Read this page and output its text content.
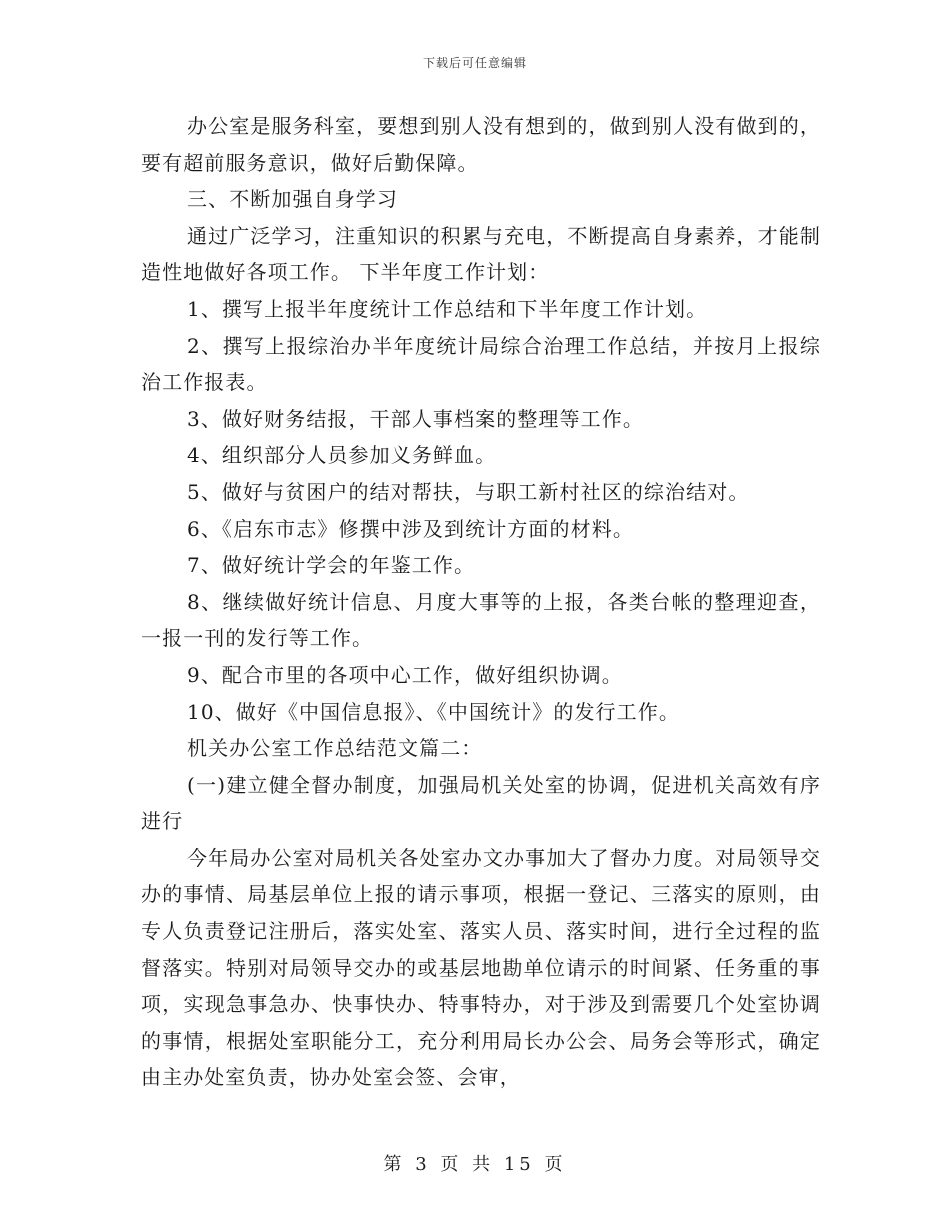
下载后可任意编辑

办公室是服务科室，要想到别人没有想到的，做到别人没有做到的，要有超前服务意识，做好后勤保障。

三、不断加强自身学习

通过广泛学习，注重知识的积累与充电，不断提高自身素养，才能制造性地做好各项工作。 下半年度工作计划：

1、撰写上报半年度统计工作总结和下半年度工作计划。

2、撰写上报综治办半年度统计局综合治理工作总结，并按月上报综治工作报表。

3、做好财务结报，干部人事档案的整理等工作。

4、组织部分人员参加义务鲜血。

5、做好与贫困户的结对帮扶，与职工新村社区的综治结对。

6、《启东市志》修撰中涉及到统计方面的材料。

7、做好统计学会的年鉴工作。

8、继续做好统计信息、月度大事等的上报，各类台帐的整理迎查，一报一刊的发行等工作。

9、配合市里的各项中心工作，做好组织协调。

10、做好《中国信息报》、《中国统计》的发行工作。

机关办公室工作总结范文篇二：

(一)建立健全督办制度，加强局机关处室的协调，促进机关高效有序进行

今年局办公室对局机关各处室办文办事加大了督办力度。对局领导交办的事情、局基层单位上报的请示事项，根据一登记、三落实的原则，由专人负责登记注册后，落实处室、落实人员、落实时间，进行全过程的监督落实。特别对局领导交办的或基层地勘单位请示的时间紧、任务重的事项，实现急事急办、快事快办、特事特办，对于涉及到需要几个处室协调的事情，根据处室职能分工，充分利用局长办公会、局务会等形式，确定由主办处室负责，协办处室会签、会审，

第 3 页 共 15 页
